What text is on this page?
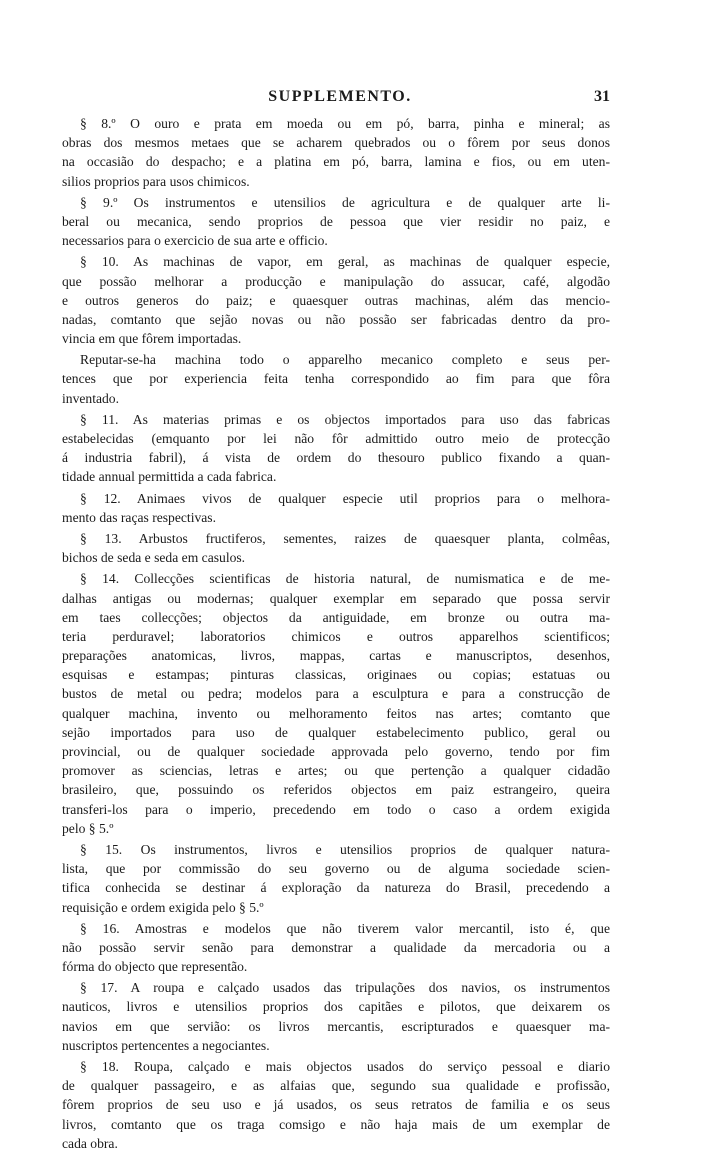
SUPPLEMENTO.	31
§ 8.º O ouro e prata em moeda ou em pó, barra, pinha e mineral; as
obras dos mesmos metaes que se acharem quebrados ou o fôrem por seus donos
na occasião do despacho; e a platina em pó, barra, lamina e fios, ou em uten-
silios proprios para usos chimicos.
§ 9.º Os instrumentos e utensilios de agricultura e de qualquer arte li-
beral ou mecanica, sendo proprios de pessoa que vier residir no paiz, e
necessarios para o exercicio de sua arte e officio.
§ 10. As machinas de vapor, em geral, as machinas de qualquer especie,
que possão melhorar a producção e manipulação do assucar, café, algodão
e outros generos do paiz; e quaesquer outras machinas, além das mencio-
nadas, comtanto que sejão novas ou não possão ser fabricadas dentro da pro-
vincia em que fôrem importadas.
Reputar-se-ha machina todo o apparelho mecanico completo e seus per-
tences que por experiencia feita tenha correspondido ao fim para que fôra
inventado.
§ 11. As materias primas e os objectos importados para uso das fabricas
estabelecidas (emquanto por lei não fôr admittido outro meio de protecção
á industria fabril), á vista de ordem do thesouro publico fixando a quan-
tidade annual permittida a cada fabrica.
§ 12. Animaes vivos de qualquer especie util proprios para o melhora-
mento das raças respectivas.
§ 13. Arbustos fructiferos, sementes, raizes de quaesquer planta, colmêas,
bichos de seda e seda em casulos.
§ 14. Collecções scientificas de historia natural, de numismatica e de me-
dalhas antigas ou modernas; qualquer exemplar em separado que possa servir
em taes collecções; objectos da antiguidade, em bronze ou outra ma-
teria perduravel; laboratorios chimicos e outros apparelhos scientificos;
preparações anatomicas, livros, mappas, cartas e manuscriptos, desenhos,
esquisas e estampas; pinturas classicas, originaes ou copias; estatuas ou
bustos de metal ou pedra; modelos para a esculptura e para a construcção de
qualquer machina, invento ou melhoramento feitos nas artes; comtanto que
sejão importados para uso de qualquer estabelecimento publico, geral ou
provincial, ou de qualquer sociedade approvada pelo governo, tendo por fim
promover as sciencias, letras e artes; ou que pertenção a qualquer cidadão
brasileiro, que, possuindo os referidos objectos em paiz estrangeiro, queira
transferi-los para o imperio, precedendo em todo o caso a ordem exigida
pelo § 5.º
§ 15. Os instrumentos, livros e utensilios proprios de qualquer natura-
lista, que por commissão do seu governo ou de alguma sociedade scien-
tifica conhecida se destinar á exploração da natureza do Brasil, precedendo a
requisição e ordem exigida pelo § 5.º
§ 16. Amostras e modelos que não tiverem valor mercantil, isto é, que
não possão servir senão para demonstrar a qualidade da mercadoria ou a
fórma do objecto que representão.
§ 17. A roupa e calçado usados das tripulações dos navios, os instrumentos
nauticos, livros e utensilios proprios dos capitães e pilotos, que deixarem os
navios em que servião: os livros mercantis, escripturados e quaesquer ma-
nuscriptos pertencentes a negociantes.
§ 18. Roupa, calçado e mais objectos usados do serviço pessoal e diario
de qualquer passageiro, e as alfaias que, segundo sua qualidade e profissão,
fôrem proprios de seu uso e já usados, os seus retratos de familia e os seus
livros, comtanto que os traga comsigo e não haja mais de um exemplar de
cada obra.
